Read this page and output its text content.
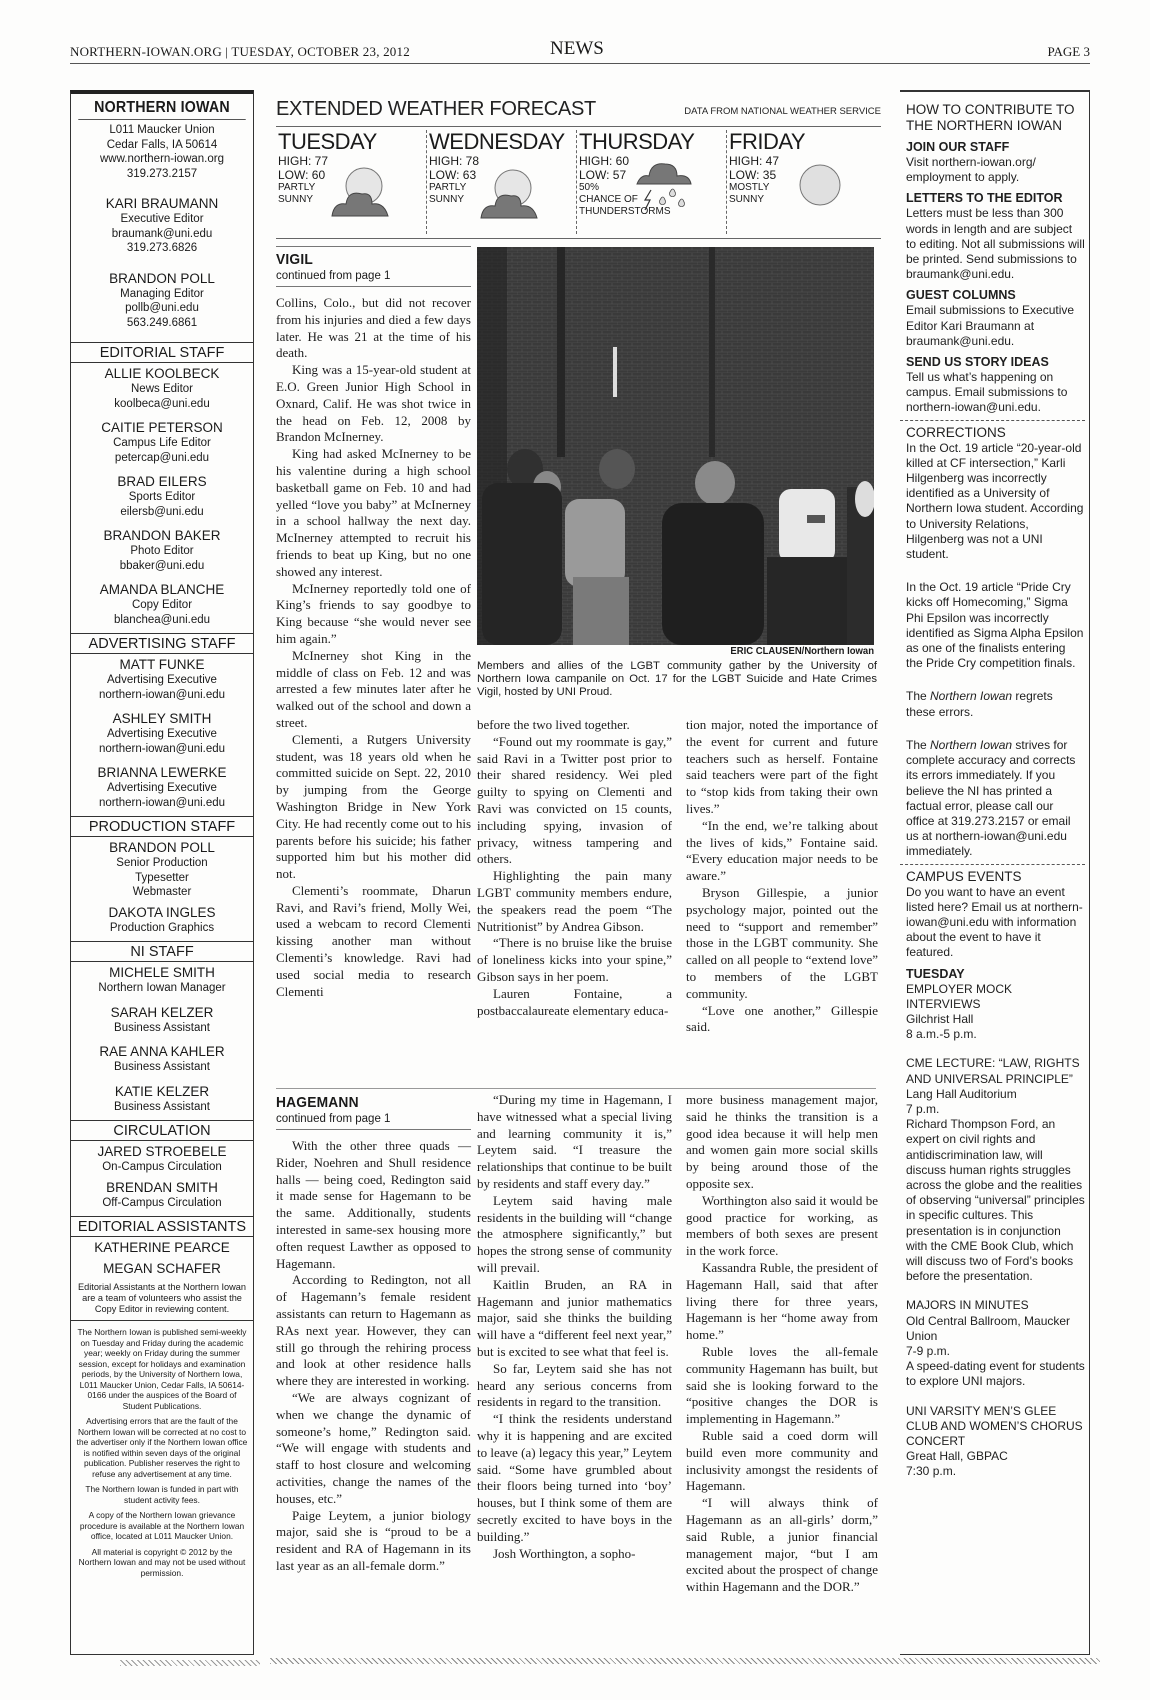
NORTHERN-IOWAN.ORG | TUESDAY, OCTOBER 23, 2012	NEWS	PAGE 3
NORTHERN IOWAN
L011 Maucker Union
Cedar Falls, IA 50614
www.northern-iowan.org
319.273.2157
KARI BRAUMANN
Executive Editor
braumank@uni.edu
319.273.6826
BRANDON POLL
Managing Editor
pollb@uni.edu
563.249.6861
EDITORIAL STAFF
ALLIE KOOLBECK
News Editor
koolbeca@uni.edu
CAITIE PETERSON
Campus Life Editor
petercap@uni.edu
BRAD EILERS
Sports Editor
eilersb@uni.edu
BRANDON BAKER
Photo Editor
bbaker@uni.edu
AMANDA BLANCHE
Copy Editor
blanchea@uni.edu
ADVERTISING STAFF
MATT FUNKE
Advertising Executive
northern-iowan@uni.edu
ASHLEY SMITH
Advertising Executive
northern-iowan@uni.edu
BRIANNA LEWERKE
Advertising Executive
northern-iowan@uni.edu
PRODUCTION STAFF
BRANDON POLL
Senior Production
Typesetter
Webmaster
DAKOTA INGLES
Production Graphics
NI STAFF
MICHELE SMITH
Northern Iowan Manager
SARAH KELZER
Business Assistant
RAE ANNA KAHLER
Business Assistant
KATIE KELZER
Business Assistant
CIRCULATION
JARED STROEBELE
On-Campus Circulation
BRENDAN SMITH
Off-Campus Circulation
EDITORIAL ASSISTANTS
KATHERINE PEARCE
MEGAN SCHAFER
Editorial Assistants at the Northern Iowan are a team of volunteers who assist the Copy Editor in reviewing content.

The Northern Iowan is published semi-weekly on Tuesday and Friday during the academic year; weekly on Friday during the summer session, except for holidays and examination periods, by the University of Northern Iowa, L011 Maucker Union, Cedar Falls, IA 50614-0166 under the auspices of the Board of Student Publications.

Advertising errors that are the fault of the Northern Iowan will be corrected at no cost to the advertiser only if the Northern Iowan office is notified within seven days of the original publication. Publisher reserves the right to refuse any advertisement at any time.

The Northern Iowan is funded in part with student activity fees.

A copy of the Northern Iowan grievance procedure is available at the Northern Iowan office, located at L011 Maucker Union.

All material is copyright © 2012 by the Northern Iowan and may not be used without permission.

EXTENDED WEATHER FORECAST	DATA FROM NATIONAL WEATHER SERVICE
TUESDAY
HIGH: 77
LOW: 60
PARTLY
SUNNY
WEDNESDAY
HIGH: 78
LOW: 63
PARTLY
SUNNY
THURSDAY
HIGH: 60
LOW: 57
50%
CHANCE OF
THUNDERSTORMS
FRIDAY
HIGH: 47
LOW: 35
MOSTLY
SUNNY
VIGIL
continued from page 1

Collins, Colo., but did not recover from his injuries and died a few days later. He was 21 at the time of his death.

King was a 15-year-old student at E.O. Green Junior High School in Oxnard, Calif. He was shot twice in the head on Feb. 12, 2008 by Brandon McInerney.

King had asked McInerney to be his valentine during a high school basketball game on Feb. 10 and had yelled “love you baby” at McInerney in a school hallway the next day. McInerney attempted to recruit his friends to beat up King, but no one showed any interest.

McInerney reportedly told one of King’s friends to say goodbye to King because “she would never see him again.”

McInerney shot King in the middle of class on Feb. 12 and was arrested a few minutes later after he walked out of the school and down a street.

Clementi, a Rutgers University student, was 18 years old when he committed suicide on Sept. 22, 2010 by jumping from the George Washington Bridge in New York City. He had recently come out to his parents before his suicide; his father supported him but his mother did not.

Clementi’s roommate, Dharun Ravi, and Ravi’s friend, Molly Wei, used a webcam to record Clementi kissing another man without Clementi’s knowledge. Ravi had used social media to research Clementi

ERIC CLAUSEN/Northern Iowan
Members and allies of the LGBT community gather by the University of Northern Iowa campanile on Oct. 17 for the LGBT Suicide and Hate Crimes Vigil, hosted by UNI Proud.

before the two lived together.

“Found out my roommate is gay,” said Ravi in a Twitter post prior to their shared residency. Wei pled guilty to spying on Clementi and Ravi was convicted on 15 counts, including spying, invasion of privacy, witness tampering and others.

Highlighting the pain many LGBT community members endure, the speakers read the poem “The Nutritionist” by Andrea Gibson.

“There is no bruise like the bruise of loneliness kicks into your spine,” Gibson says in her poem.

Lauren Fontaine, a postbaccalaureate elementary educa-

tion major, noted the importance of the event for current and future teachers such as herself. Fontaine said teachers were part of the fight to “stop kids from taking their own lives.”

“In the end, we’re talking about the lives of kids,” Fontaine said. “Every education major needs to be aware.”

Bryson Gillespie, a junior psychology major, pointed out the need to “support and remember” those in the LGBT community. She called on all people to “extend love” to members of the LGBT community.

“Love one another,” Gillespie said.

HAGEMANN
continued from page 1

With the other three quads — Rider, Noehren and Shull residence halls — being coed, Redington said it made sense for Hagemann to be the same. Additionally, students interested in same-sex housing more often request Lawther as opposed to Hagemann.

According to Redington, not all of Hagemann’s female resident assistants can return to Hagemann as RAs next year. However, they can still go through the rehiring process and look at other residence halls where they are interested in working.

“We are always cognizant of when we change the dynamic of someone’s home,” Redington said. “We will engage with students and staff to host closure and welcoming activities, change the names of the houses, etc.”

Paige Leytem, a junior biology major, said she is “proud to be a resident and RA of Hagemann in its last year as an all-female dorm.”

“During my time in Hagemann, I have witnessed what a special living and learning community it is,” Leytem said. “I treasure the relationships that continue to be built by residents and staff every day.”

Leytem said having male residents in the building will “change the atmosphere significantly,” but hopes the strong sense of community will prevail.

Kaitlin Bruden, an RA in Hagemann and junior mathematics major, said she thinks the building will have a “different feel next year,” but is excited to see what that feel is.

So far, Leytem said she has not heard any serious concerns from residents in regard to the transition.

“I think the residents understand why it is happening and are excited to leave (a) legacy this year,” Leytem said. “Some have grumbled about their floors being turned into ‘boy’ houses, but I think some of them are secretly excited to have boys in the building.”

Josh Worthington, a sopho-

more business management major, said he thinks the transition is a good idea because it will help men and women gain more social skills by being around those of the opposite sex.

Worthington also said it would be good practice for working, as members of both sexes are present in the work force.

Kassandra Ruble, the president of Hagemann Hall, said that after living there for three years, Hagemann is her “home away from home.”

Ruble loves the all-female community Hagemann has built, but said she is looking forward to the “positive changes the DOR is implementing in Hagemann.”

Ruble said a coed dorm will build even more community and inclusivity amongst the residents of Hagemann.

“I will always think of Hagemann as an all-girls’ dorm,” said Ruble, a junior financial management major, “but I am excited about the prospect of change within Hagemann and the DOR.”

HOW TO CONTRIBUTE TO THE NORTHERN IOWAN
JOIN OUR STAFF
Visit northern-iowan.org/ employment to apply.
LETTERS TO THE EDITOR
Letters must be less than 300 words in length and are subject to editing. Not all submissions will be printed. Send submissions to braumank@uni.edu.
GUEST COLUMNS
Email submissions to Executive Editor Kari Braumann at braumank@uni.edu.
SEND US STORY IDEAS
Tell us what’s happening on campus. Email submissions to northern-iowan@uni.edu.
CORRECTIONS
In the Oct. 19 article “20-year-old killed at CF intersection,” Karli Hilgenberg was incorrectly identified as a University of Northern Iowa student. According to University Relations, Hilgenberg was not a UNI student.
In the Oct. 19 article “Pride Cry kicks off Homecoming,” Sigma Phi Epsilon was incorrectly identified as Sigma Alpha Epsilon as one of the finalists entering the Pride Cry competition finals.
The Northern Iowan regrets these errors.
The Northern Iowan strives for complete accuracy and corrects its errors immediately. If you believe the NI has printed a factual error, please call our office at 319.273.2157 or email us at northern-iowan@uni.edu immediately.
CAMPUS EVENTS
Do you want to have an event listed here? Email us at northern-iowan@uni.edu with information about the event to have it featured.
TUESDAY
EMPLOYER MOCK INTERVIEWS
Gilchrist Hall
8 a.m.-5 p.m.
CME LECTURE: “LAW, RIGHTS AND UNIVERSAL PRINCIPLE”
Lang Hall Auditorium
7 p.m.
Richard Thompson Ford, an expert on civil rights and antidiscrimination law, will discuss human rights struggles across the globe and the realities of observing “universal” principles in specific cultures. This presentation is in conjunction with the CME Book Club, which will discuss two of Ford’s books before the presentation.
MAJORS IN MINUTES
Old Central Ballroom, Maucker Union
7-9 p.m.
A speed-dating event for students to explore UNI majors.
UNI VARSITY MEN’S GLEE CLUB AND WOMEN’S CHORUS CONCERT
Great Hall, GBPAC
7:30 p.m.
